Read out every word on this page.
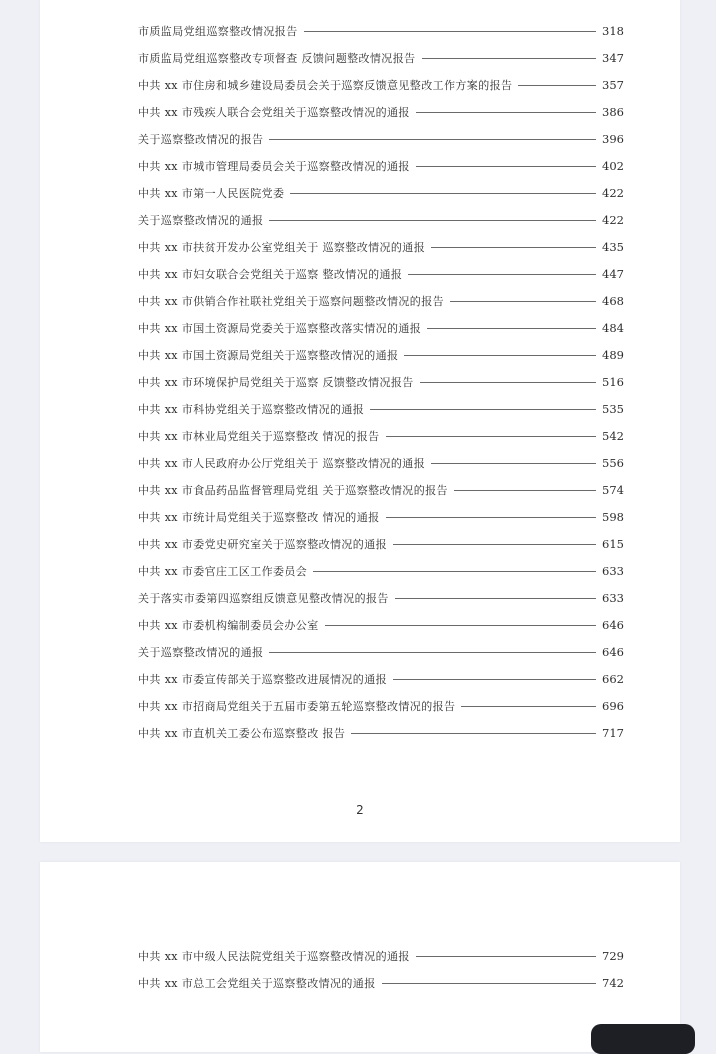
市质监局党组巡察整改情况报告	318
市质监局党组巡察整改专项督查 反馈问题整改情况报告	347
中共 xx 市住房和城乡建设局委员会关于巡察反馈意见整改工作方案的报告	357
中共 xx 市残疾人联合会党组关于巡察整改情况的通报	386
关于巡察整改情况的报告	396
中共 xx 市城市管理局委员会关于巡察整改情况的通报	402
中共 xx 市第一人民医院党委	422
关于巡察整改情况的通报	422
中共 xx 市扶贫开发办公室党组关于 巡察整改情况的通报	435
中共 xx 市妇女联合会党组关于巡察 整改情况的通报	447
中共 xx 市供销合作社联社党组关于巡察问题整改情况的报告	468
中共 xx 市国土资源局党委关于巡察整改落实情况的通报	484
中共 xx 市国土资源局党组关于巡察整改情况的通报	489
中共 xx 市环境保护局党组关于巡察 反馈整改情况报告	516
中共 xx 市科协党组关于巡察整改情况的通报	535
中共 xx 市林业局党组关于巡察整改 情况的报告	542
中共 xx 市人民政府办公厅党组关于 巡察整改情况的通报	556
中共 xx 市食品药品监督管理局党组 关于巡察整改情况的报告	574
中共 xx 市统计局党组关于巡察整改 情况的通报	598
中共 xx 市委党史研究室关于巡察整改情况的通报	615
中共 xx 市委官庄工区工作委员会	633
关于落实市委第四巡察组反馈意见整改情况的报告	633
中共 xx 市委机构编制委员会办公室	646
关于巡察整改情况的通报	646
中共 xx 市委宣传部关于巡察整改进展情况的通报	662
中共 xx 市招商局党组关于五届市委第五轮巡察整改情况的报告	696
中共 xx 市直机关工委公布巡察整改 报告	717
2
中共 xx 市中级人民法院党组关于巡察整改情况的通报	729
中共 xx 市总工会党组关于巡察整改情况的通报	742
